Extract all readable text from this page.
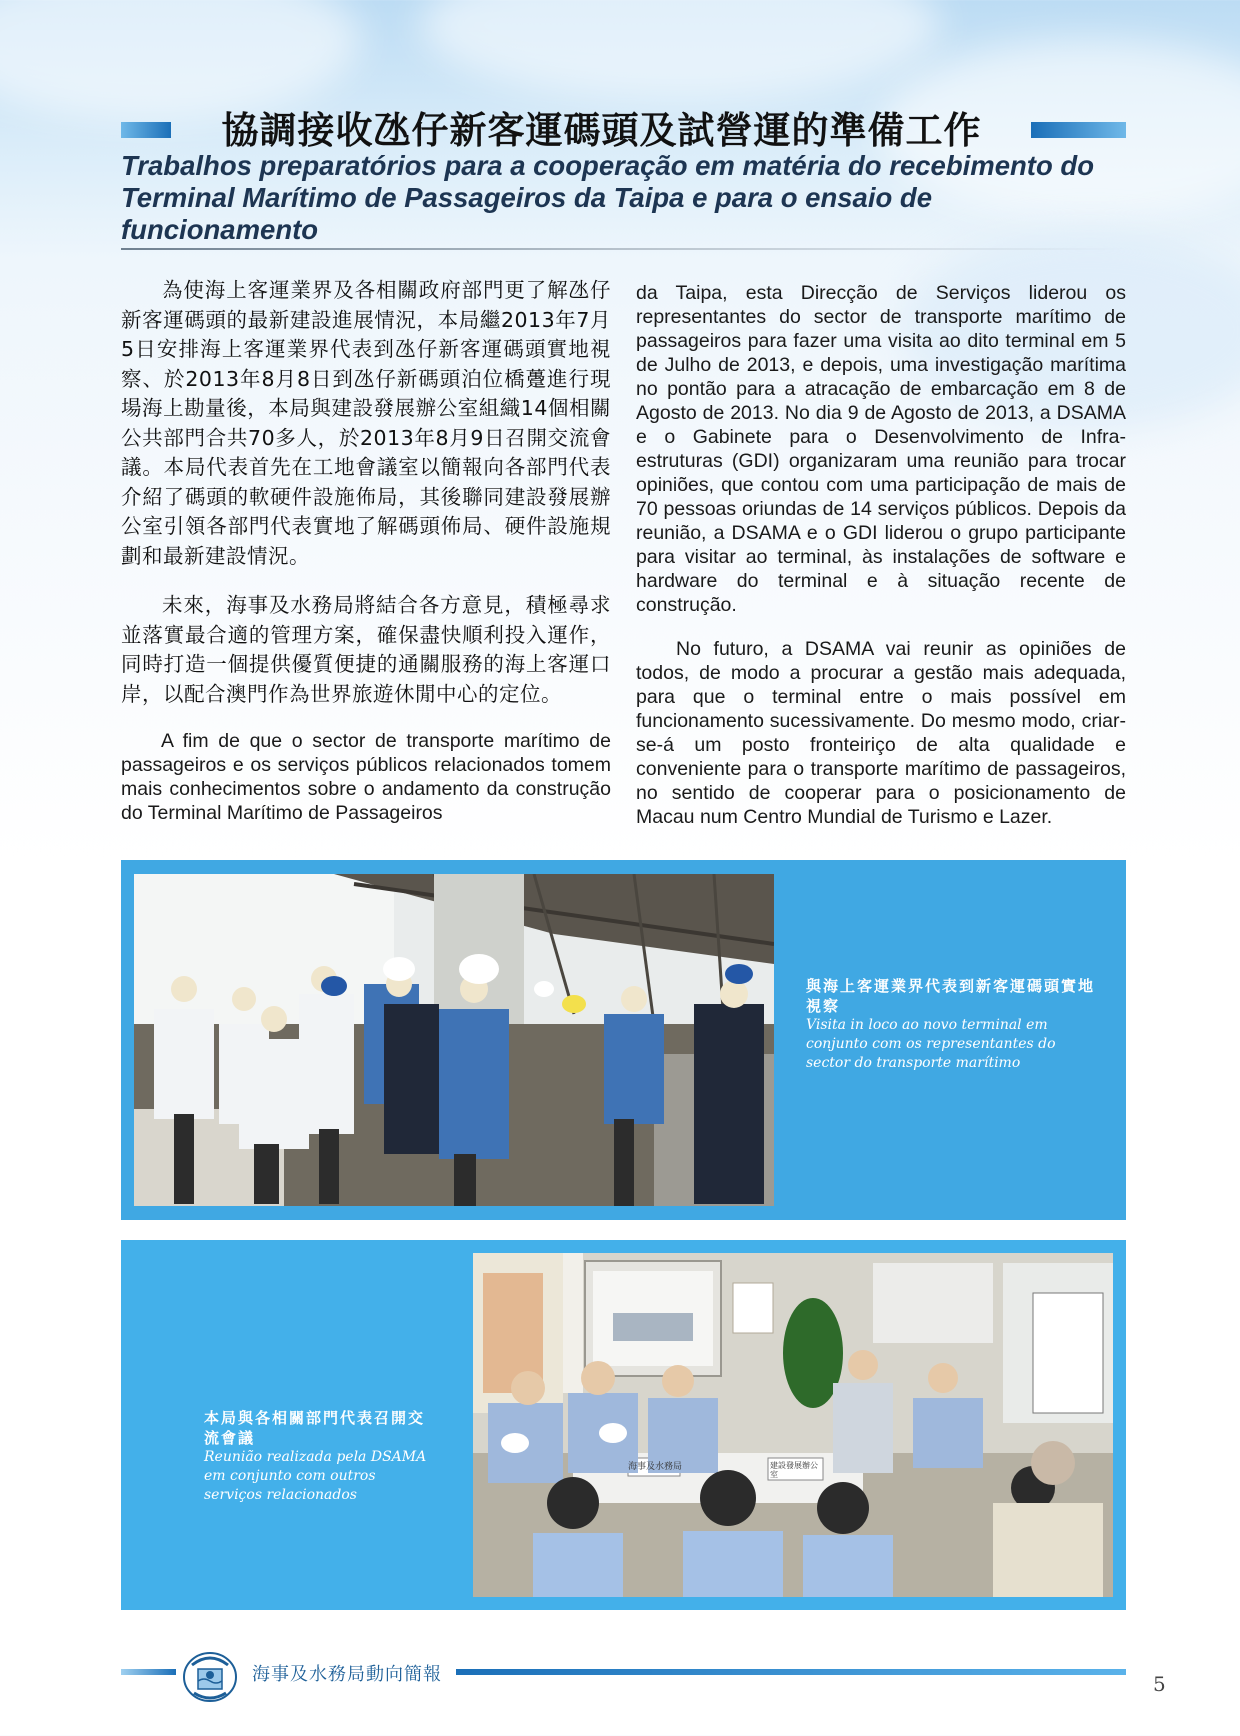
協調接收氹仔新客運碼頭及試營運的準備工作
Trabalhos preparatórios para a cooperação em matéria do recebimento do Terminal Marítimo de Passageiros da Taipa e para o ensaio de funcionamento

為使海上客運業界及各相關政府部門更了解氹仔新客運碼頭的最新建設進展情況，本局繼2013年7月5日安排海上客運業界代表到氹仔新客運碼頭實地視察、於2013年8月8日到氹仔新碼頭泊位橋躉進行現場海上勘量後，本局與建設發展辦公室組織14個相關公共部門合共70多人，於2013年8月9日召開交流會議。本局代表首先在工地會議室以簡報向各部門代表介紹了碼頭的軟硬件設施佈局，其後聯同建設發展辦公室引領各部門代表實地了解碼頭佈局、硬件設施規劃和最新建設情況。

未來，海事及水務局將結合各方意見，積極尋求並落實最合適的管理方案，確保盡快順利投入運作，同時打造一個提供優質便捷的通關服務的海上客運口岸，以配合澳門作為世界旅遊休閒中心的定位。

A fim de que o sector de transporte marítimo de passageiros e os serviços públicos relacionados tomem mais conhecimentos sobre o andamento da construção do Terminal Marítimo de Passageiros

da Taipa, esta Direcção de Serviços liderou os representantes do sector de transporte marítimo de passageiros para fazer uma visita ao dito terminal em 5 de Julho de 2013, e depois, uma investigação marítima no pontão para a atracação de embarcação em 8 de Agosto de 2013. No dia 9 de Agosto de 2013, a DSAMA e o Gabinete para o Desenvolvimento de Infra-estruturas (GDI) organizaram uma reunião para trocar opiniões, que contou com uma participação de mais de 70 pessoas oriundas de 14 serviços públicos. Depois da reunião, a DSAMA e o GDI liderou o grupo participante para visitar ao terminal, às instalações de software e hardware do terminal e à situação recente de construção.

No futuro, a DSAMA vai reunir as opiniões de todos, de modo a procurar a gestão mais adequada, para que o terminal entre o mais possível em funcionamento sucessivamente. Do mesmo modo, criar-se-á um posto fronteiriço de alta qualidade e conveniente para o transporte marítimo de passageiros, no sentido de cooperar para o posicionamento de Macau num Centro Mundial de Turismo e Lazer.

與海上客運業界代表到新客運碼頭實地視察
Visita in loco ao novo terminal em conjunto com os representantes do sector do transporte marítimo
海事及水務局	建設發展辦公室
本局與各相關部門代表召開交流會議
Reunião realizada pela DSAMA em conjunto com outros serviços relacionados
海事及水務局動向簡報	5
